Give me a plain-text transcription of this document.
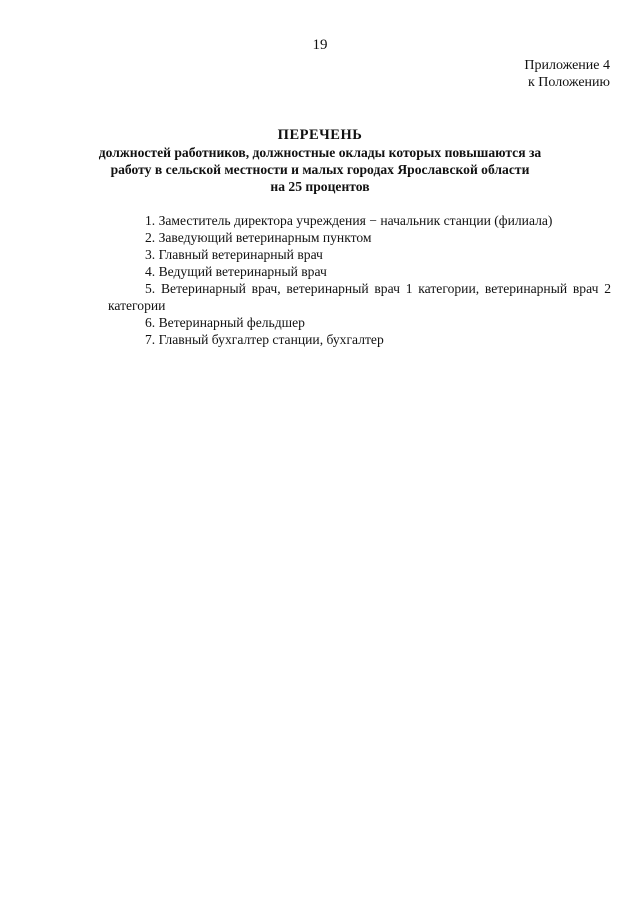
19
Приложение 4
к Положению
ПЕРЕЧЕНЬ
должностей работников, должностные оклады которых повышаются за
работу в сельской местности и малых городах Ярославской области
на 25 процентов
1. Заместитель директора учреждения − начальник станции (филиала)
2. Заведующий ветеринарным пунктом
3. Главный ветеринарный врач
4. Ведущий ветеринарный врач
5. Ветеринарный врач, ветеринарный врач 1 категории, ветеринарный врач 2 категории
6. Ветеринарный фельдшер
7. Главный бухгалтер станции, бухгалтер
